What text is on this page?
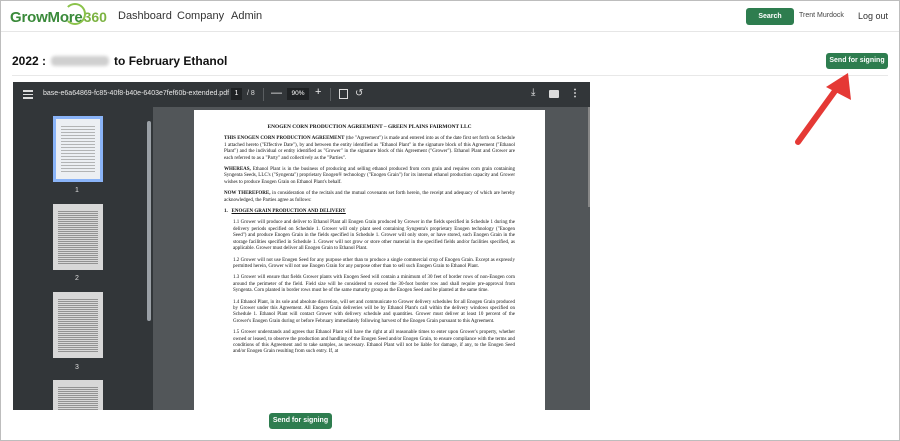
GrowMore 360 Dashboard Company Admin	Search	Trent Murdock Log out
2022 :	to February Ethanol	Send for signing
base-e6a64869-fc85-40f8-b40e-6403e7fef60b-extended.pdf 1	/ 8 —	90% +	↺	⤓	⋮
1
2
3
ENOGEN CORN PRODUCTION AGREEMENT – GREEN PLAINS FAIRMONT LLC

THIS ENOGEN CORN PRODUCTION AGREEMENT (the "Agreement") is made and entered into as of the date first set forth on Schedule 1 attached hereto ("Effective Date"), by and between the entity identified as "Ethanol Plant" in the signature block of this Agreement ("Ethanol Plant") and the individual or entity identified as "Grower" in the signature block of this Agreement ("Grower"). Ethanol Plant and Grower are each referred to as a "Party" and collectively as the "Parties".

WHEREAS, Ethanol Plant is in the business of producing and selling ethanol produced from corn grain and requires corn grain containing Syngenta Seeds, LLC's ("Syngenta") proprietary Enogen® technology ("Enogen Grain") for its internal ethanol production capacity and Grower wishes to produce Enogen Grain on Ethanol Plant's behalf.

NOW THEREFORE, in consideration of the recitals and the mutual covenants set forth herein, the receipt and adequacy of which are hereby acknowledged, the Parties agree as follows:

1. ENOGEN GRAIN PRODUCTION AND DELIVERY

1.1 Grower will produce and deliver to Ethanol Plant all Enogen Grain produced by Grower in the fields specified in Schedule 1 during the delivery periods specified on Schedule 1. Grower will only plant seed containing Syngenta's proprietary Enogen technology ("Enogen Seed") and produce Enogen Grain in the fields specified in Schedule 1. Grower will only store, or have stored, such Enogen Grain in the storage facilities specified in Schedule 1. Grower will not grow or store other material in the specified fields and/or facilities specified, as applicable. Grower must deliver all Enogen Grain to Ethanol Plant.

1.2 Grower will not use Enogen Seed for any purpose other than to produce a single commercial crop of Enogen Grain. Except as expressly permitted herein, Grower will not use Enogen Grain for any purpose other than to sell such Enogen Grain to Ethanol Plant.

1.3 Grower will ensure that fields Grower plants with Enogen Seed will contain a minimum of 30 feet of border rows of non-Enogen corn around the perimeter of the field. Field size will be considered to exceed the 30-foot border row and shall require pre-approval from Syngenta. Corn planted in border rows must be of the same maturity group as the Enogen Seed and be planted at the same time.

1.4 Ethanol Plant, in its sole and absolute discretion, will set and communicate to Grower delivery schedules for all Enogen Grain produced by Grower under this Agreement. All Enogen Grain deliveries will be by Ethanol Plant's call within the delivery windows specified on Schedule 1. Ethanol Plant will contact Grower with delivery schedule and quantities. Grower must deliver at least 10 percent of the Grower's Enogen Grain during or before February immediately following harvest of the Enogen Grain pursuant to this Agreement.

1.5 Grower understands and agrees that Ethanol Plant will have the right at all reasonable times to enter upon Grower's property, whether owned or leased, to observe the production and handling of the Enogen Seed and/or Enogen Grain, to ensure compliance with the terms and conditions of this Agreement and to take samples, as necessary. Ethanol Plant will not be liable for damage, if any, to the Enogen Seed and/or Enogen Grain resulting from such entry. If, at

Send for signing
